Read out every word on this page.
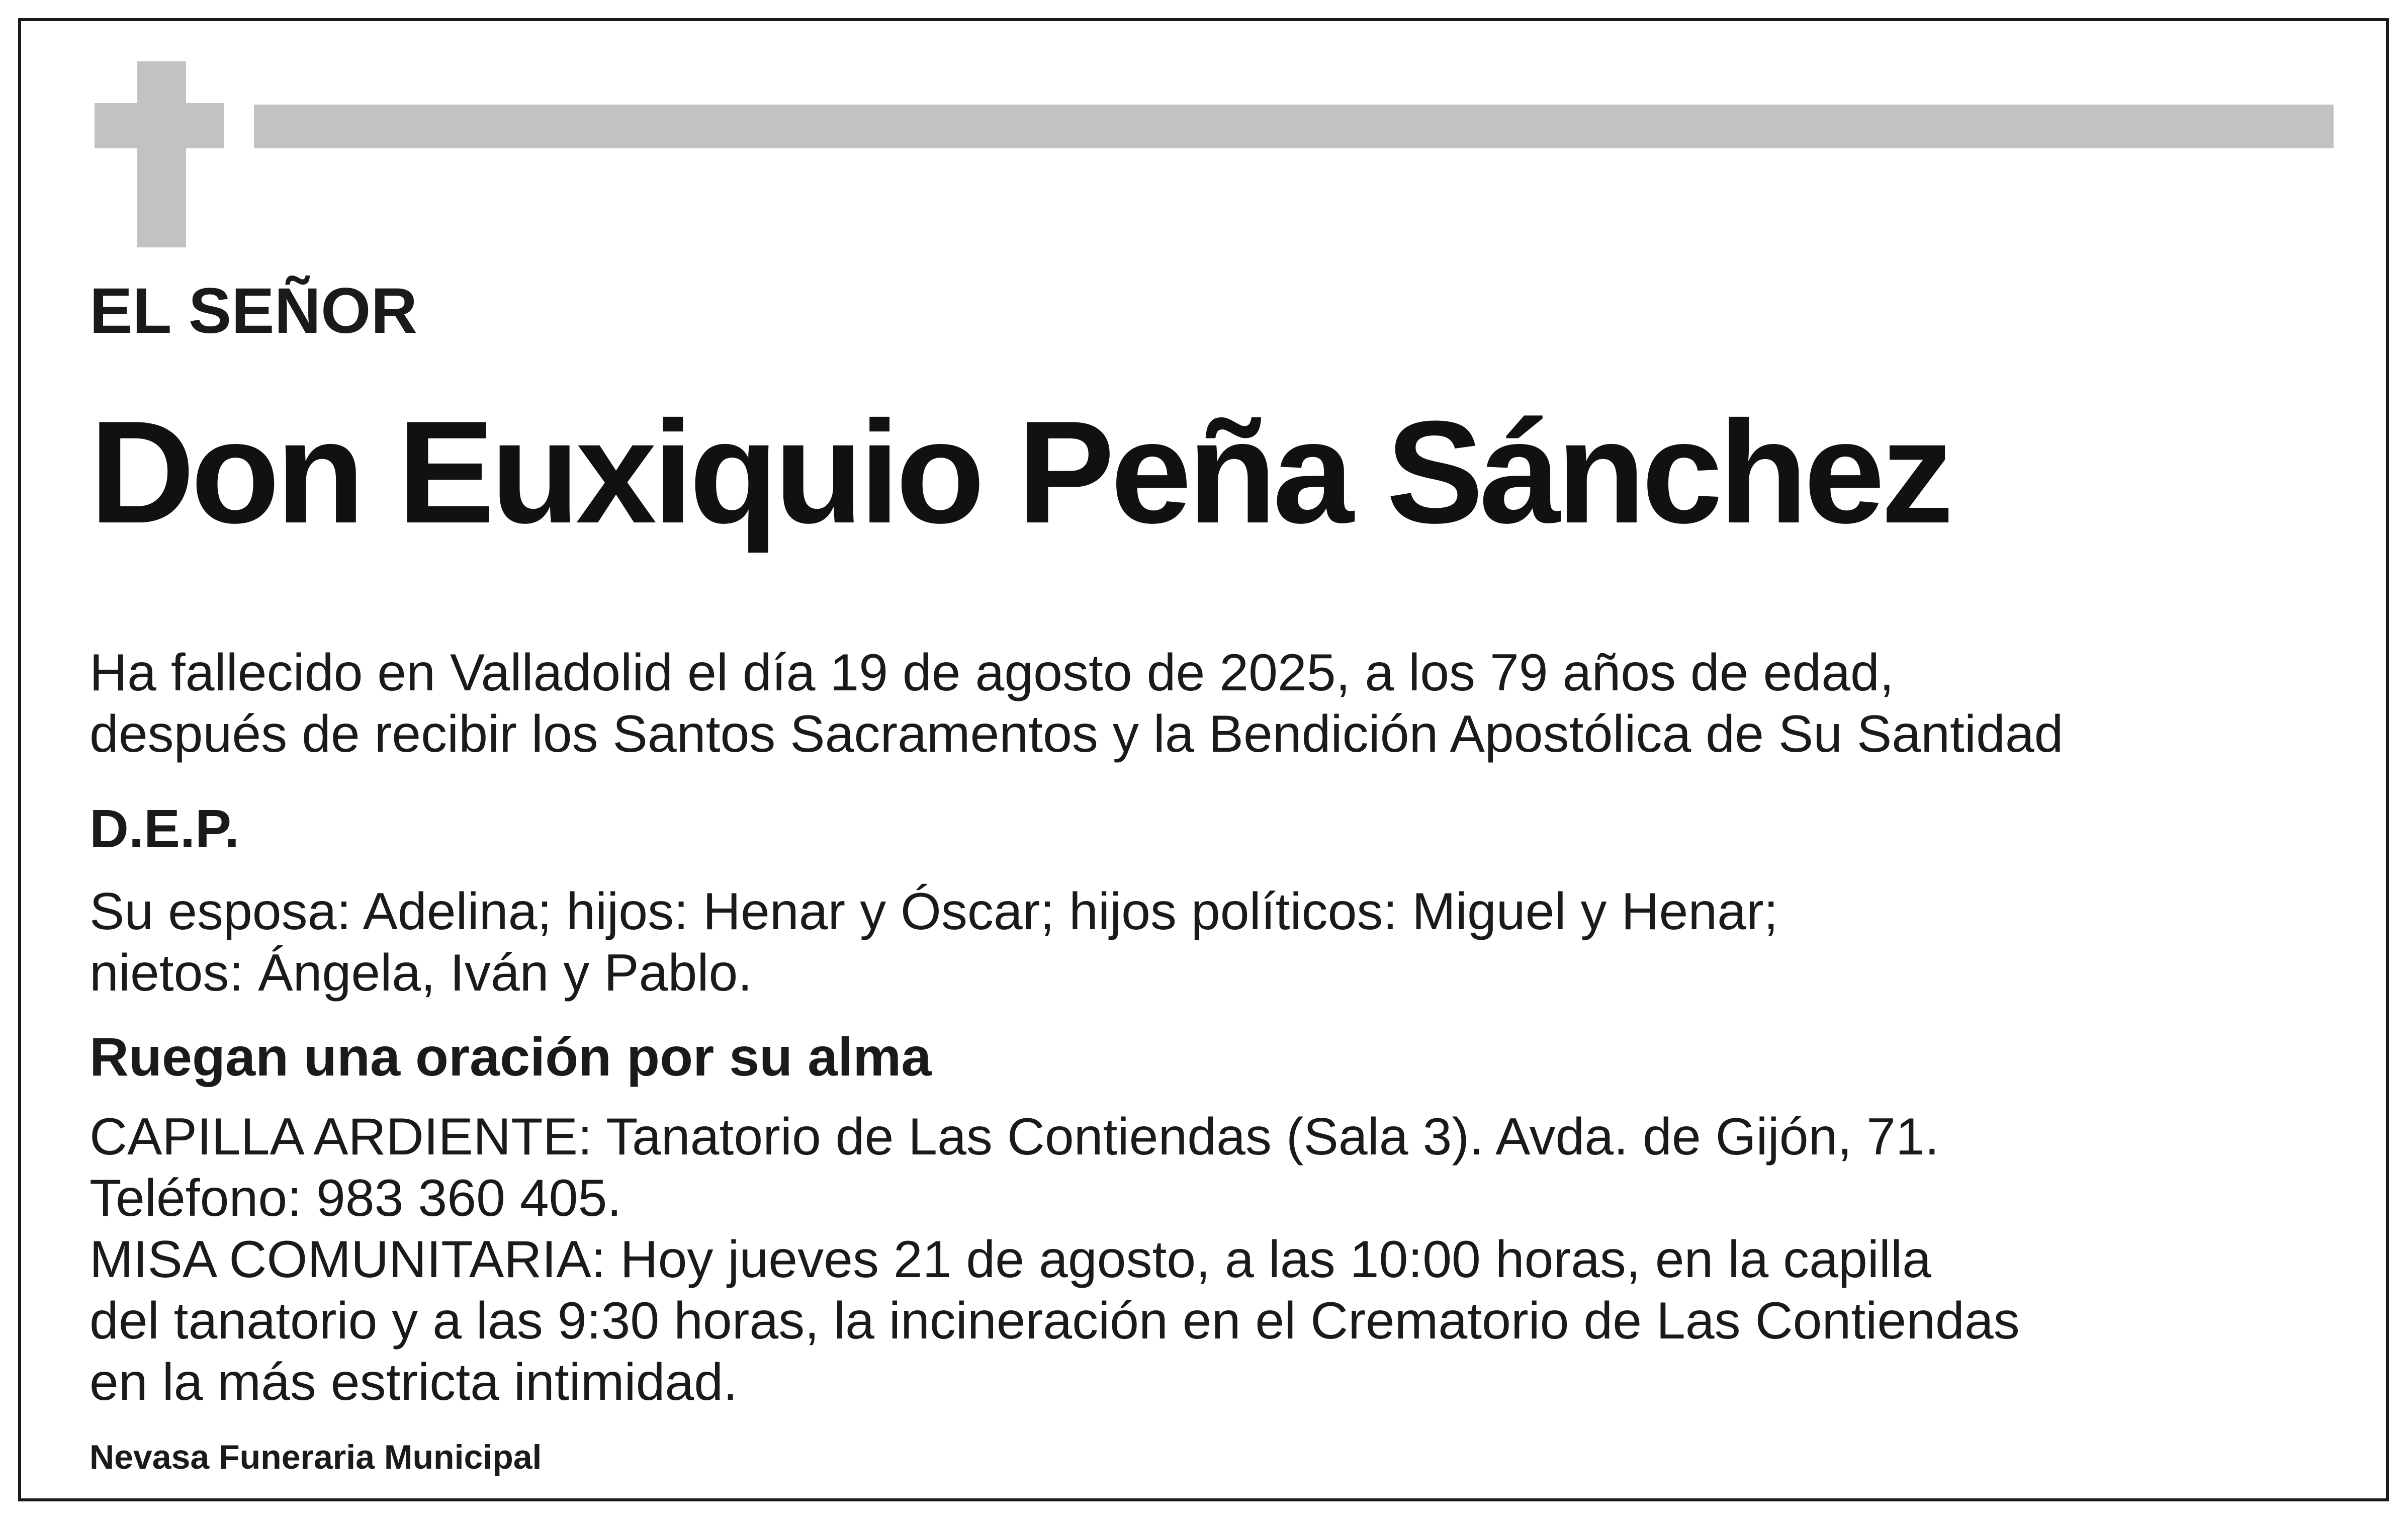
EL SEÑOR

Don Euxiquio Peña Sánchez

Ha fallecido en Valladolid el día 19 de agosto de 2025, a los 79 años de edad,
después de recibir los Santos Sacramentos y la Bendición Apostólica de Su Santidad

D.E.P.

Su esposa: Adelina; hijos: Henar y Óscar; hijos políticos: Miguel y Henar;
nietos: Ángela, Iván y Pablo.

Ruegan una oración por su alma

CAPILLA ARDIENTE: Tanatorio de Las Contiendas (Sala 3). Avda. de Gijón, 71.
Teléfono: 983 360 405.
MISA COMUNITARIA: Hoy jueves 21 de agosto, a las 10:00 horas, en la capilla
del tanatorio y a las 9:30 horas, la incineración en el Crematorio de Las Contiendas
en la más estricta intimidad.

Nevasa Funeraria Municipal
